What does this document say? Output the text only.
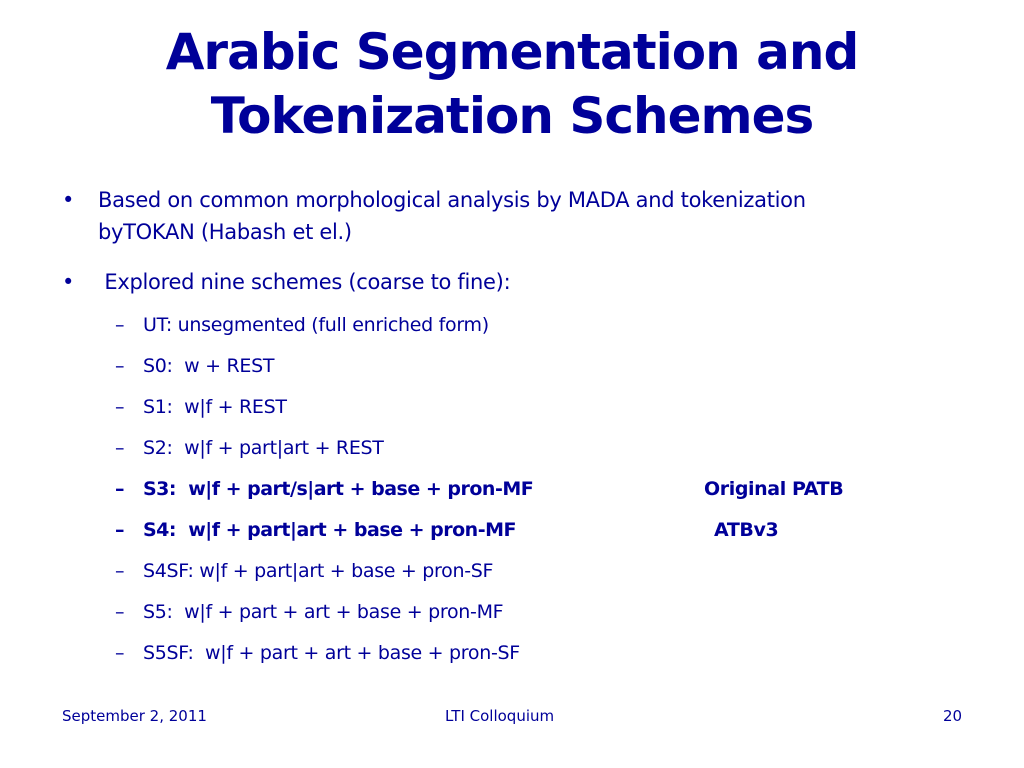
Arabic Segmentation and
Tokenization Schemes
• Based on common morphological analysis by MADA and tokenization
byTOKAN (Habash et el.)
• Explored nine schemes (coarse to fine):
– UT: unsegmented (full enriched form)
– S0:  w + REST
– S1:  w|f + REST
– S2:  w|f + part|art + REST
– S3:  w|f + part/s|art + base + pron-MF	Original PATB
– S4:  w|f + part|art + base + pron-MF	ATBv3
– S4SF: w|f + part|art + base + pron-SF
– S5:  w|f + part + art + base + pron-MF
– S5SF:  w|f + part + art + base + pron-SF
September 2, 2011	LTI Colloquium	20
